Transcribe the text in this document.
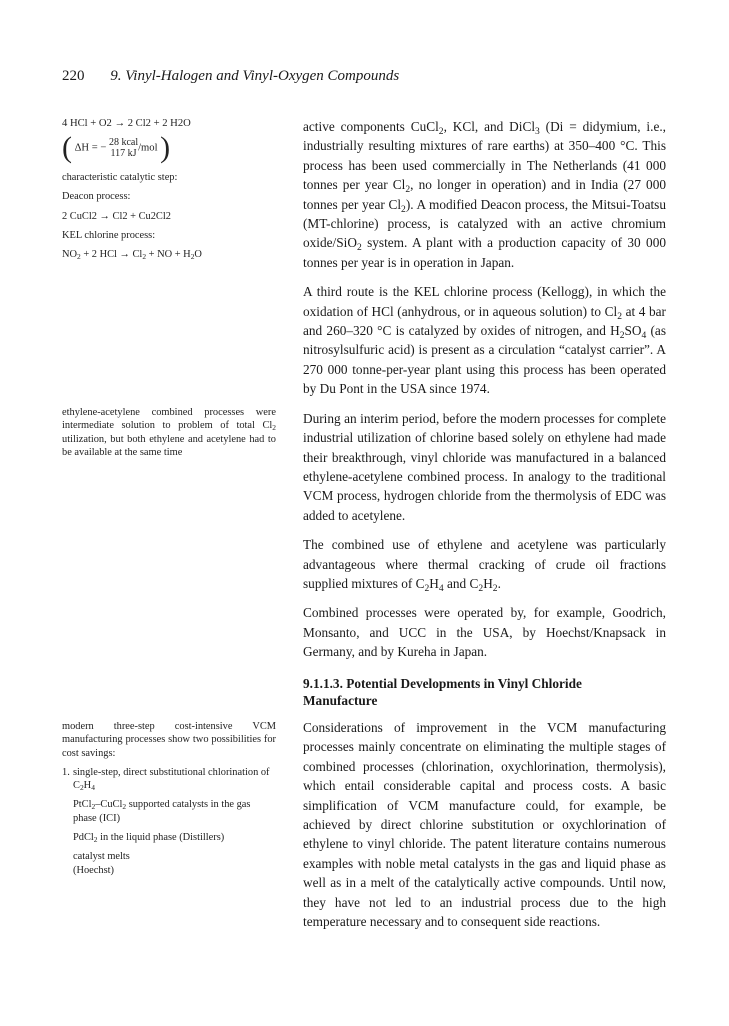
220 9. Vinyl-Halogen and Vinyl-Oxygen Compounds
4 HCl + O2 → 2 Cl2 + 2 H2O
( ΔH = − 28 kcal
117 kJ
/mol )

characteristic catalytic step:

Deacon process:

2 CuCl2 → Cl2 + Cu2Cl2

KEL chlorine process:

$NO_2 + 2$ HCl → $Cl_2$ + NO + $H_2O$

ethylene-acetylene combined processes were intermediate solution to problem of total $Cl_2$ utilization, but both ethylene and acetylene had to be available at the same time

modern three-step cost-intensive VCM manufacturing processes show two possibilities for cost savings:

1. single-step, direct substitutional chlorination of $C_2H_4$

PtCl$_2$–CuCl$_2$ supported catalysts in the gas phase (ICI)

PdCl$_2$ in the liquid phase (Distillers)

catalyst melts
(Hoechst)

active components CuCl$_2$, KCl, and DiCl$_3$ (Di = didymium, i.e., industrially resulting mixtures of rare earths) at 350–400 °C. This process has been used commercially in The Netherlands (41 000 tonnes per year $Cl_2$, no longer in operation) and in India (27 000 tonnes per year $Cl_2$). A modified Deacon process, the Mitsui-Toatsu (MT-chlorine) process, is catalyzed with an active chromium oxide/SiO$_2$ system. A plant with a production capacity of 30 000 tonnes per year is in operation in Japan.

A third route is the KEL chlorine process (Kellogg), in which the oxidation of HCl (anhydrous, or in aqueous solution) to $Cl_2$ at 4 bar and 260–320 °C is catalyzed by oxides of nitrogen, and $H_2SO_4$ (as nitrosylsulfuric acid) is present as a circulation “catalyst carrier”. A 270 000 tonne-per-year plant using this process has been operated by Du Pont in the USA since 1974.

During an interim period, before the modern processes for complete industrial utilization of chlorine based solely on ethylene had made their breakthrough, vinyl chloride was manufactured in a balanced ethylene-acetylene combined process. In analogy to the traditional VCM process, hydrogen chloride from the thermolysis of EDC was added to acetylene.

The combined use of ethylene and acetylene was particularly advantageous where thermal cracking of crude oil fractions supplied mixtures of $C_2H_4$ and $C_2H_2$.

Combined processes were operated by, for example, Goodrich, Monsanto, and UCC in the USA, by Hoechst/Knapsack in Germany, and by Kureha in Japan.

9.1.1.3. Potential Developments in Vinyl Chloride Manufacture

Considerations of improvement in the VCM manufacturing processes mainly concentrate on eliminating the multiple stages of combined processes (chlorination, oxychlorination, thermolysis), which entail considerable capital and process costs. A basic simplification of VCM manufacture could, for example, be achieved by direct chlorine substitution or oxychlorination of ethylene to vinyl chloride. The patent literature contains numerous examples with noble metal catalysts in the gas and liquid phase as well as in a melt of the catalytically active compounds. Until now, they have not led to an industrial process due to the high temperature necessary and to consequent side reactions.
